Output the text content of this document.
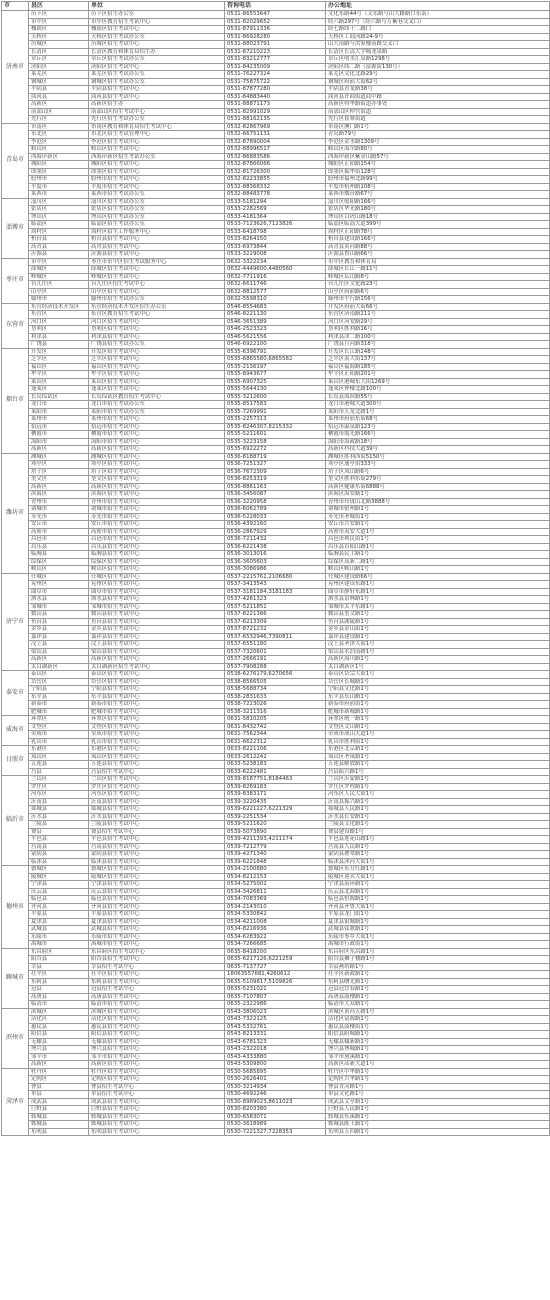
市	县区	单位	咨询电话	办公地址
济南市	历下区	历下区招生办公室	0531-86553647	文化东路44号（文东路与山大路路口东南）
	市中区	市中区教育招生考试中心	0531-82029652	经六路297号（经六路与万紫巷交叉口）
	槐荫区	槐荫区招生考试中心	0531-87911336	经七路纬十二路口
	天桥区	天桥区招生考试办公室	0531-86928280	天桥区工商河路24-9号
	历城区	历城区招生考试中心	0531-88023791	山大南路与洪家楼南路交叉口
	长清区	长清区教育和体育局招生办	0531-87210223	长清区长清大学城龙泉路
	章丘区	章丘区招生考试办公室	0531-83212777	章丘区明水汇泉路1298号
	济阳区	济阳区招生考试中心	0531-84235009	济阳区纬二路（富源街130号）
	莱芜区	莱芜区招生考试办公室	0531-76227324	莱芜区文化北路29号
	钢城区	钢城区招生考试办公室	0531-75875722	钢城区府前大街62号
	平阴县	平阴县招生考试中心	0531-87877280	平阴县青龙路38号
	商河县	商河县招生考试中心	0531-84883440	商河县许商街道商中路
	高新区	高新区招生办	0531-88871173	高新区舜华路街道办事处
	南部山区	南部山区招生考试中心	0531-82991029	南部山区仲宫街道
	先行区	先行区招生考试办公室	0531-88162135	先行区崔寨街道
青岛市	市南区	市南区教育和体育局招生考试中心	0532-82867969	市南区澳门路1号
	市北区	市北区招生考试管理中心	0532-66751131	青岛路79号
	李沧区	李沧区招生考试中心	0532-87890004	李沧区金水路1309号
	崂山区	崂山区招生考试中心	0532-88996517	崂山区海尔路80号
	西海岸新区	西海岸新区招生考试办公室	0532-86883586	西海岸新区紫金山路57号
	城阳区	城阳区招生考试中心	0532-87866066	城阳区正阳路154号
	即墨区	即墨区招生考试中心	0532-81726300	即墨区振华街128号
	胶州市	胶州市招生考试中心	0532-82233855	胶州市福州北路99号
	平度市	平度市招生考试中心	0532-88368332	平度市杭州路108号
	莱西市	莱西市招生考试办公室	0532-88483778	莱西市烟台路67号
淄博市	淄川区	淄川区招生考试办公室	0533-5181294	淄川区般阳路166号
	张店区	张店区招生考试办公室	0533-2282569	张店区华光路180号
	博山区	博山区招生考试办公室	0533-4181364	博山区白虎山路18号
	临淄区	临淄区招生考试办公室	0533-7123626,7123826	临淄区临淄大道399号
	周村区	周村区招生工作服务中心	0533-6418798	周村区正阳路78号
	桓台县	桓台县招生考试中心	0533-8264150	桓台县建设路166号
	高青县	高青县招生考试中心	0533-6973844	高青县黄河路88号
	沂源县	沂源县招生考试中心	0533-3229008	沂源县鲁山路66号
枣庄市	市中区	枣庄市市中区招生考试服务中心	0632-3322234	市中区教育和体育局
	薛城区	薛城区招生考试中心	0632-4449600,4480560	薛城区长江一路11号
	峄城区	峄城区招生考试中心	0632-7711916	峄城区坛山路8号
	台儿庄区	台儿庄区招生考试中心	0632-6611746	台儿庄区文化路23号
	山亭区	山亭区招生考试中心	0632-8812577	山亭区府前路6号
	滕州市	滕州市招生考试办公室	0632-5598310	滕州市平行路156号
东营市	东营经济技术开发区	东营经济技术开发区招生办公室	0546-8554683	开发区府前大街66号
	东营区	东营区教育招生考试中心	0546-8221130	东营区济南路211号
	河口区	河口区招生考试中心	0546-3651389	河口区河安路29号
	垦利区	垦利区招生考试中心	0546-2523323	垦利区胜利路16号
	利津县	利津县招生考试中心	0546-5621556	利津县津二路100号
	广饶县	广饶县招生考试办公室	0546-6922100	广饶县月河路318号
烟台市	开发区	开发区招生考试中心	0535-6396791	开发区长江路248号
	芝罘区	芝罘区招生考试中心	0535-6865580,6865582	芝罘区南大街137号
	福山区	福山区招生考试中心	0535-2136197	福山区福海路185号
	牟平区	牟平区招生考试中心	0535-8943677	牟平区正阳路201号
	莱山区	莱山区招生考试中心	0535-6907325	莱山区港城东大街1269号
	蓬莱区	蓬莱区招生考试中心	0535-5644130	蓬莱区钟楼北路100号
	长岛综试区	长岛综试区教育招生考试中心	0535-3212600	长岛县海滨路55号
	龙口市	龙口市招生考试办公室	0535-8517583	龙口市港城大道300号
	莱阳市	莱阳市招生考试办公室	0535-7269991	莱阳市五龙北路1号
	莱州市	莱州市招生考试中心	0535-2257313	莱州市府前东街68号
	招远市	招远市招生考试中心	0535-8246307,8215332	招远市温泉路123号
	栖霞市	栖霞市招生考试中心	0535-5211601	栖霞市霞光路166号
	海阳市	海阳市招生考试中心	0535-3223158	海阳市海政路18号
	高新区	高新区招生考试中心	0535-6922272	高新区科技大道39号
潍坊市	潍城区	潍城区招生考试中心	0536-8188719	潍城区胜利西街5150号
	寒亭区	寒亭区招生考试中心	0536-7251327	寒亭区通亭街333号
	坊子区	坊子区招生考试中心	0536-7672309	坊子区凤山路6号
	奎文区	奎文区招生考试中心	0536-8253319	奎文区胜利东街279号
	高新区	高新区招生考试中心	0536-8861163	高新区健康东街6888号
	滨海区	滨海区招生考试中心	0536-3456087	滨海区海安路1号
	青州市	青州市招生考试中心	0536-3220958	青州市玲珑山北路3888号
	诸城市	诸城市招生考试中心	0536-6062789	诸城市密州路1号
	寿光市	寿光市招生考试中心	0536-5228033	寿光市圣城街1号
	安丘市	安丘市招生考试中心	0536-4392160	安丘市兴安路1号
	高密市	高密市招生考试中心	0536-2867929	高密市夷安大道1号
	昌邑市	昌邑市招生考试中心	0536-7211432	昌邑市利民街1号
	昌乐县	昌乐县招生考试中心	0536-6221438	昌乐县首阳山路1号
	临朐县	临朐县招生考试中心	0536-3013016	临朐县民主路1号
	综保区	综保区招生考试中心	0536-3605603	综保区高新二路1号
	峡山区	峡山区招生考试中心	0536-3086986	峡山区峡山路1号
济宁市	任城区	任城区招生考试中心	0537-2215761,2106680	任城区建设路66号
	兖州区	兖州区招生考试中心	0537-3413543	兖州区建设东路1号
	曲阜市	曲阜市招生考试中心	0537-3181184,3181183	曲阜市静轩东路1号
	泗水县	泗水县招生考试中心	0537-4261323	泗水县泉林路1号
	邹城市	邹城市招生考试中心	0537-5211851	邹城市太平东路1号
	微山县	微山县招生考试中心	0537-8221386	微山县奎文路1号
	鱼台县	鱼台县招生考试中心	0537-6213309	鱼台县湖陵路1号
	金乡县	金乡县招生考试中心	0537-8721232	金乡县金山街1号
	嘉祥县	嘉祥县招生考试中心	0537-6532946,7390811	嘉祥县建设路1号
	汶上县	汶上县招生考试中心	0537-6551180	汶上县圣泽大街1号
	梁山县	梁山县招生考试中心	0537-7320601	梁山县水泊南路1号
	高新区	高新区招生考试中心	0537-2666191	高新区海川路1号
	太白湖新区	太白湖新区招生考试中心	0537-7908288	太白湖新区1号
泰安市	泰山区	泰山区招生考试中心	0538-6276179,6270656	泰山区岱宗大街1号
	岱岳区	岱岳区招生考试中心	0538-8566505	岱岳区长城路1号
	宁阳县	宁阳县招生考试中心	0538-5688734	宁阳县文化路1号
	东平县	东平县招生考试中心	0538-2831633	东平县东山路1号
	新泰市	新泰市招生考试中心	0538-7223026	新泰市府前街1号
	肥城市	肥城市招生考试中心	0538-3211316	肥城市新城路1号
威海市	环翠区	环翠区招生考试中心	0631-5810205	环翠区统一路1号
	文登区	文登区招生考试中心	0631-8432742	文登区文山路1号
	荣成市	荣成市招生考试中心	0631-7562344	荣成市成山大道1号
	乳山市	乳山市招生考试中心	0631-6622312	乳山市胜利街1号
日照市	东港区	东港区招生考试中心	0633-8221106	东港区北京路1号
	岚山区	岚山区招生考试中心	0633-2612242	岚山区圣岚路1号
	五莲县	五莲县招生考试中心	0633-5238183	五莲县解放路1号
	莒县	莒县招生考试中心	0633-6222481	莒县振兴路1号
临沂市	兰山区	兰山区招生考试中心	0539-8187751,8184463	兰山区沂蒙路1号
	罗庄区	罗庄区招生考试中心	0539-8269183	罗庄区罗程路1号
	河东区	河东区招生考试中心	0539-8383171	河东区人民大街1号
	沂南县	沂南县招生考试中心	0539-3220435	沂南县振兴路1号
	郯城县	郯城县招生考试中心	0539-6221227,6221329	郯城县人民路1号
	沂水县	沂水县招生考试中心	0539-2251534	沂水县长安路1号
	兰陵县	兰陵县招生考试中心	0539-5211620	兰陵县文化路1号
	费县	费县招生考试中心	0539-5073890	费县建设路1号
	平邑县	平邑县招生考试中心	0539-4211393,4211174	平邑县莲花山路1号
	莒南县	莒南县招生考试中心	0539-7212779	莒南县人民路1号
	蒙阴县	蒙阴县招生考试中心	0539-4271340	蒙阴县叠翠路1号
	临沭县	临沭县招生考试中心	0539-6221848	临沭县沭河大街1号
德州市	德城区	德城区招生考试中心	0534-2100880	德城区东方红路1号
	陵城区	陵城区招生考试中心	0534-8212153	陵城区迎宾大街1号
	宁津县	宁津县招生考试中心	0534-5275002	宁津县南环路1号
	庆云县	庆云县招生考试中心	0534-3426811	庆云县北海路1号
	临邑县	临邑县招生考试中心	0534-7083369	临邑县恒源路1号
	齐河县	齐河县招生考试中心	0534-2143010	齐河县齐鲁大街1号
	平原县	平原县招生考试中心	0534-5330842	平原县龙门街1号
	夏津县	夏津县招生考试中心	0534-4211008	夏津县银城路1号
	武城县	武城县招生考试中心	0534-8216936	武城县弦歌路1号
	乐陵市	乐陵市招生考试中心	0534-6283922	乐陵市枣乡大街1号
	禹城市	禹城市招生考试中心	0534-7266685	禹城市行政街1号
聊城市	东昌府区	东昌府区招生考试中心	0635-8418200	东昌府区东昌路1号
	阳谷县	阳谷县招生考试中心	0635-6217126,6221259	阳谷县狮子楼路1号
	莘县	莘县招生考试中心	0635-7137727	莘县燕塔路1号
	茌平区	茌平区招生考试中心	18063557681,4260612	茌平区新政路1号
	东阿县	东阿县招生考试中心	0635-5109817,5109826	东阿县曙光路1号
	冠县	冠县招生考试中心	0635-5231021	冠县冠宜春路1号
	高唐县	高唐县招生考试中心	0635-7107807	高唐县鼓楼路1号
	临清市	临清市招生考试中心	0635-2322986	临清市大众路1号
滨州市	滨城区	滨城区招生考试中心	0543-3806023	滨城区黄河五路1号
	沾化区	沾化区招生考试中心	0543-7322125	沾化区富源路1号
	惠民县	惠民县招生考试中心	0543-5332761	惠民县鼓楼街1号
	阳信县	阳信县招生考试中心	0543-8213331	阳信县阳城路1号
	无棣县	无棣县招生考试中心	0543-6781323	无棣县棣新路1号
	博兴县	博兴县招生考试中心	0543-2322018	博兴县博城路1号
	邹平市	邹平市招生考试中心	0543-4333880	邹平市黛溪路1号
	高新区	高新区招生考试中心	0543-5309800	高新区高新大道1号
菏泽市	牡丹区	牡丹区招生考试中心	0530-5685895	牡丹区中华路1号
	定陶区	定陶区招生考试中心	0530-2626401	定陶区兴华路1号
	曹县	曹县招生考试中心	0530-3214934	曹县青菏路1号
	单县	单县招生考试中心	0530-4692246	单县文化路1号
	成武县	成武县招生考试中心	0530-8989023,8611023	成武县文亭路1号
	巨野县	巨野县招生考试中心	0530-8203380	巨野县人民路1号
	郓城县	郓城县招生考试中心	0530-6583071	郓城县东溪路1号
	鄄城县	鄄城县招生考试中心	0530-3618989	鄄城县陈王路1号
	东明县	东明县招生考试中心	0530-7221327,7228353	东明县五四路1号
